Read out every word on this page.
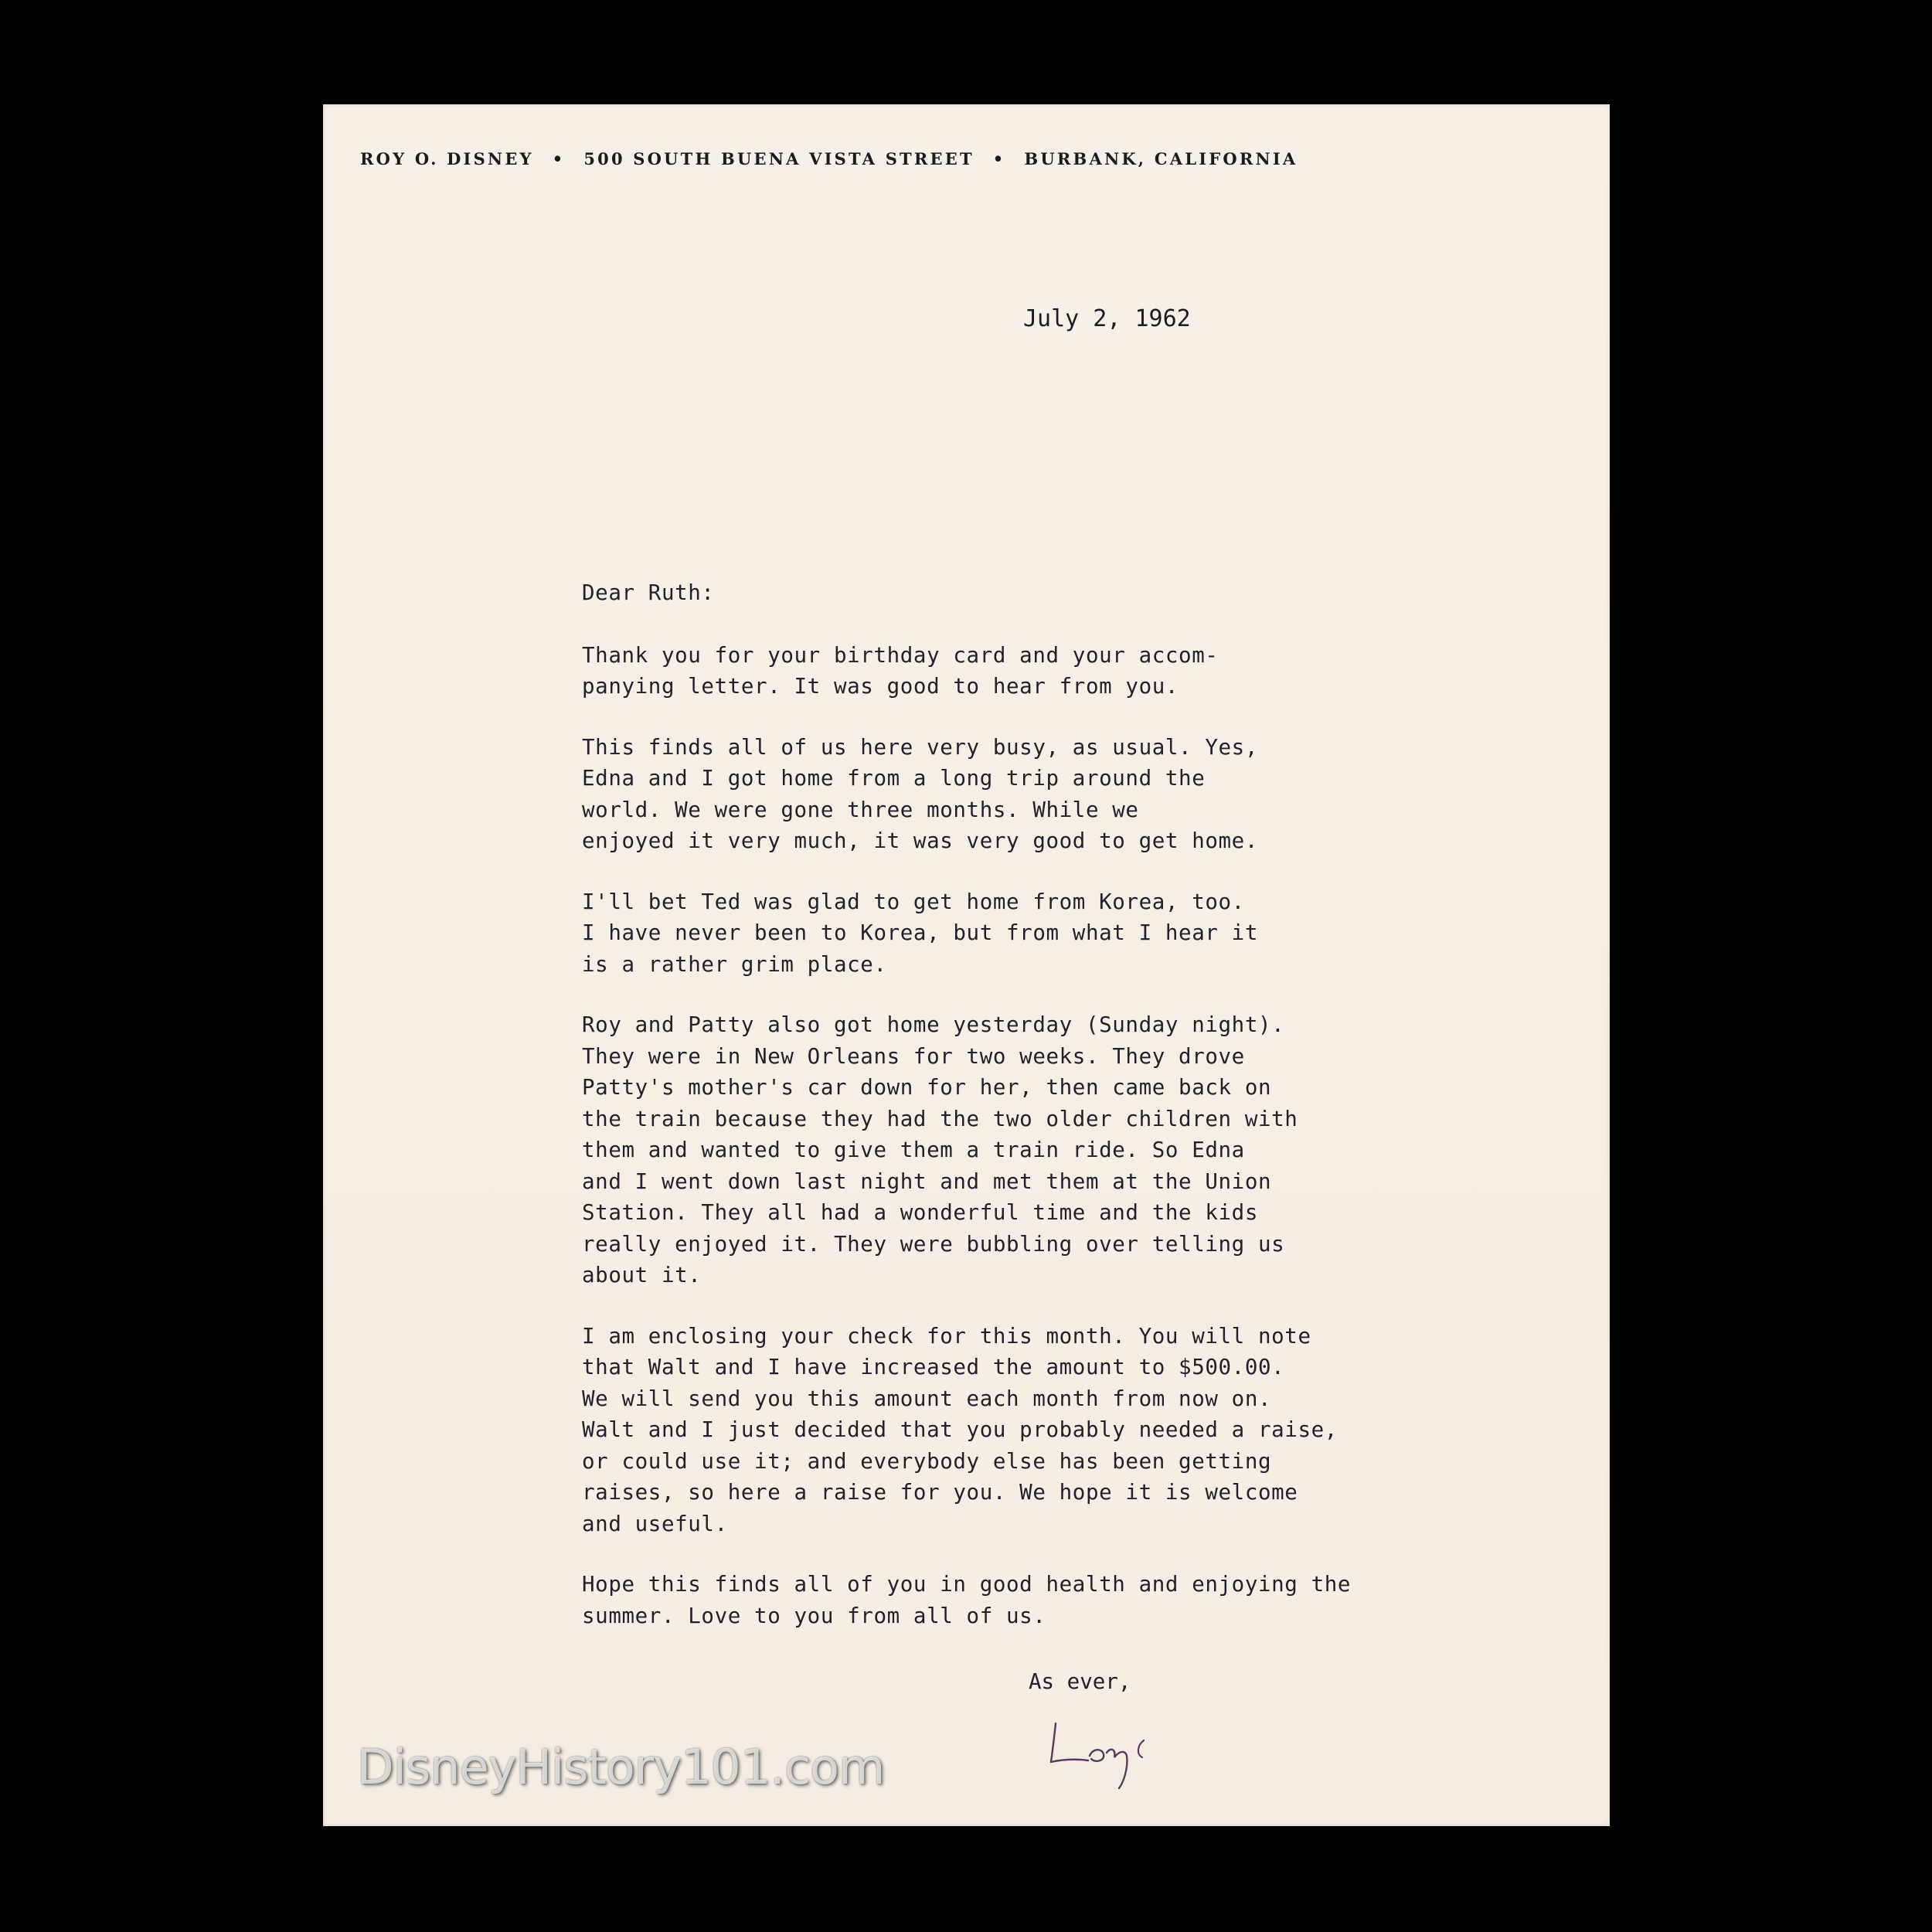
ROY O. DISNEY • 500 SOUTH BUENA VISTA STREET • BURBANK, CALIFORNIA
July 2, 1962
Dear Ruth:
Thank you for your birthday card and your accom-
panying letter. It was good to hear from you.
This finds all of us here very busy, as usual. Yes,
Edna and I got home from a long trip around the
world. We were gone three months. While we
enjoyed it very much, it was very good to get home.
I'll bet Ted was glad to get home from Korea, too.
I have never been to Korea, but from what I hear it
is a rather grim place.
Roy and Patty also got home yesterday (Sunday night).
They were in New Orleans for two weeks. They drove
Patty's mother's car down for her, then came back on
the train because they had the two older children with
them and wanted to give them a train ride. So Edna
and I went down last night and met them at the Union
Station. They all had a wonderful time and the kids
really enjoyed it. They were bubbling over telling us
about it.
I am enclosing your check for this month. You will note
that Walt and I have increased the amount to $500.00.
We will send you this amount each month from now on.
Walt and I just decided that you probably needed a raise,
or could use it; and everybody else has been getting
raises, so here a raise for you. We hope it is welcome
and useful.
Hope this finds all of you in good health and enjoying the
summer. Love to you from all of us.
As ever,
DisneyHistory101.com
